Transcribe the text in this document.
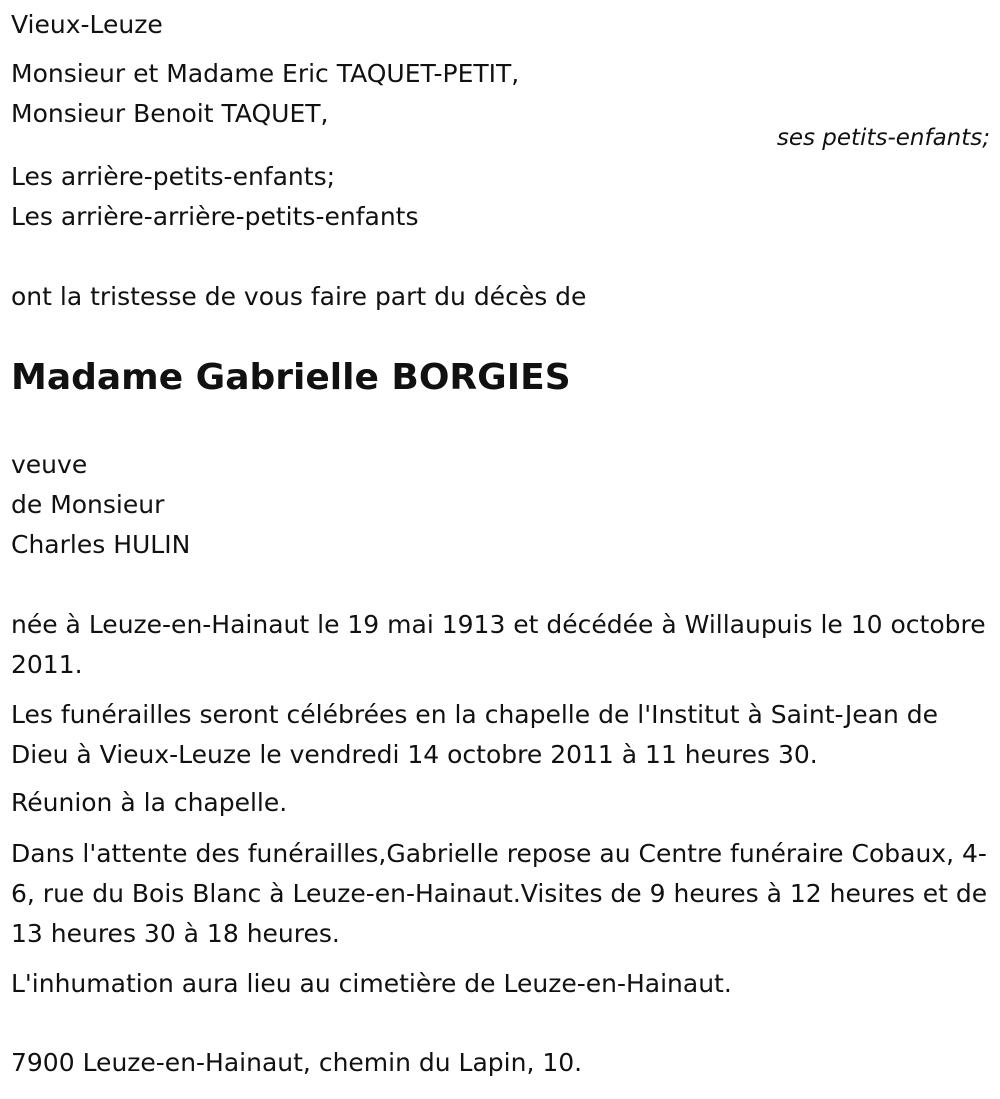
Vieux-Leuze
Monsieur et Madame Eric TAQUET-PETIT,
Monsieur Benoit TAQUET,
ses petits-enfants;
Les arrière-petits-enfants;
Les arrière-arrière-petits-enfants
ont la tristesse de vous faire part du décès de
Madame Gabrielle BORGIES
veuve
de Monsieur
Charles HULIN

née à Leuze-en-Hainaut le 19 mai 1913 et décédée à Willaupuis le 10 octobre 2011.

Les funérailles seront célébrées en la chapelle de l'Institut à Saint-Jean de Dieu à Vieux-Leuze le vendredi 14 octobre 2011 à 11 heures 30.

Réunion à la chapelle.

Dans l'attente des funérailles,Gabrielle repose au Centre funéraire Cobaux, 4-6, rue du Bois Blanc à Leuze-en-Hainaut.Visites de 9 heures à 12 heures et de 13 heures 30 à 18 heures.

L'inhumation aura lieu au cimetière de Leuze-en-Hainaut.

7900 Leuze-en-Hainaut, chemin du Lapin, 10.
